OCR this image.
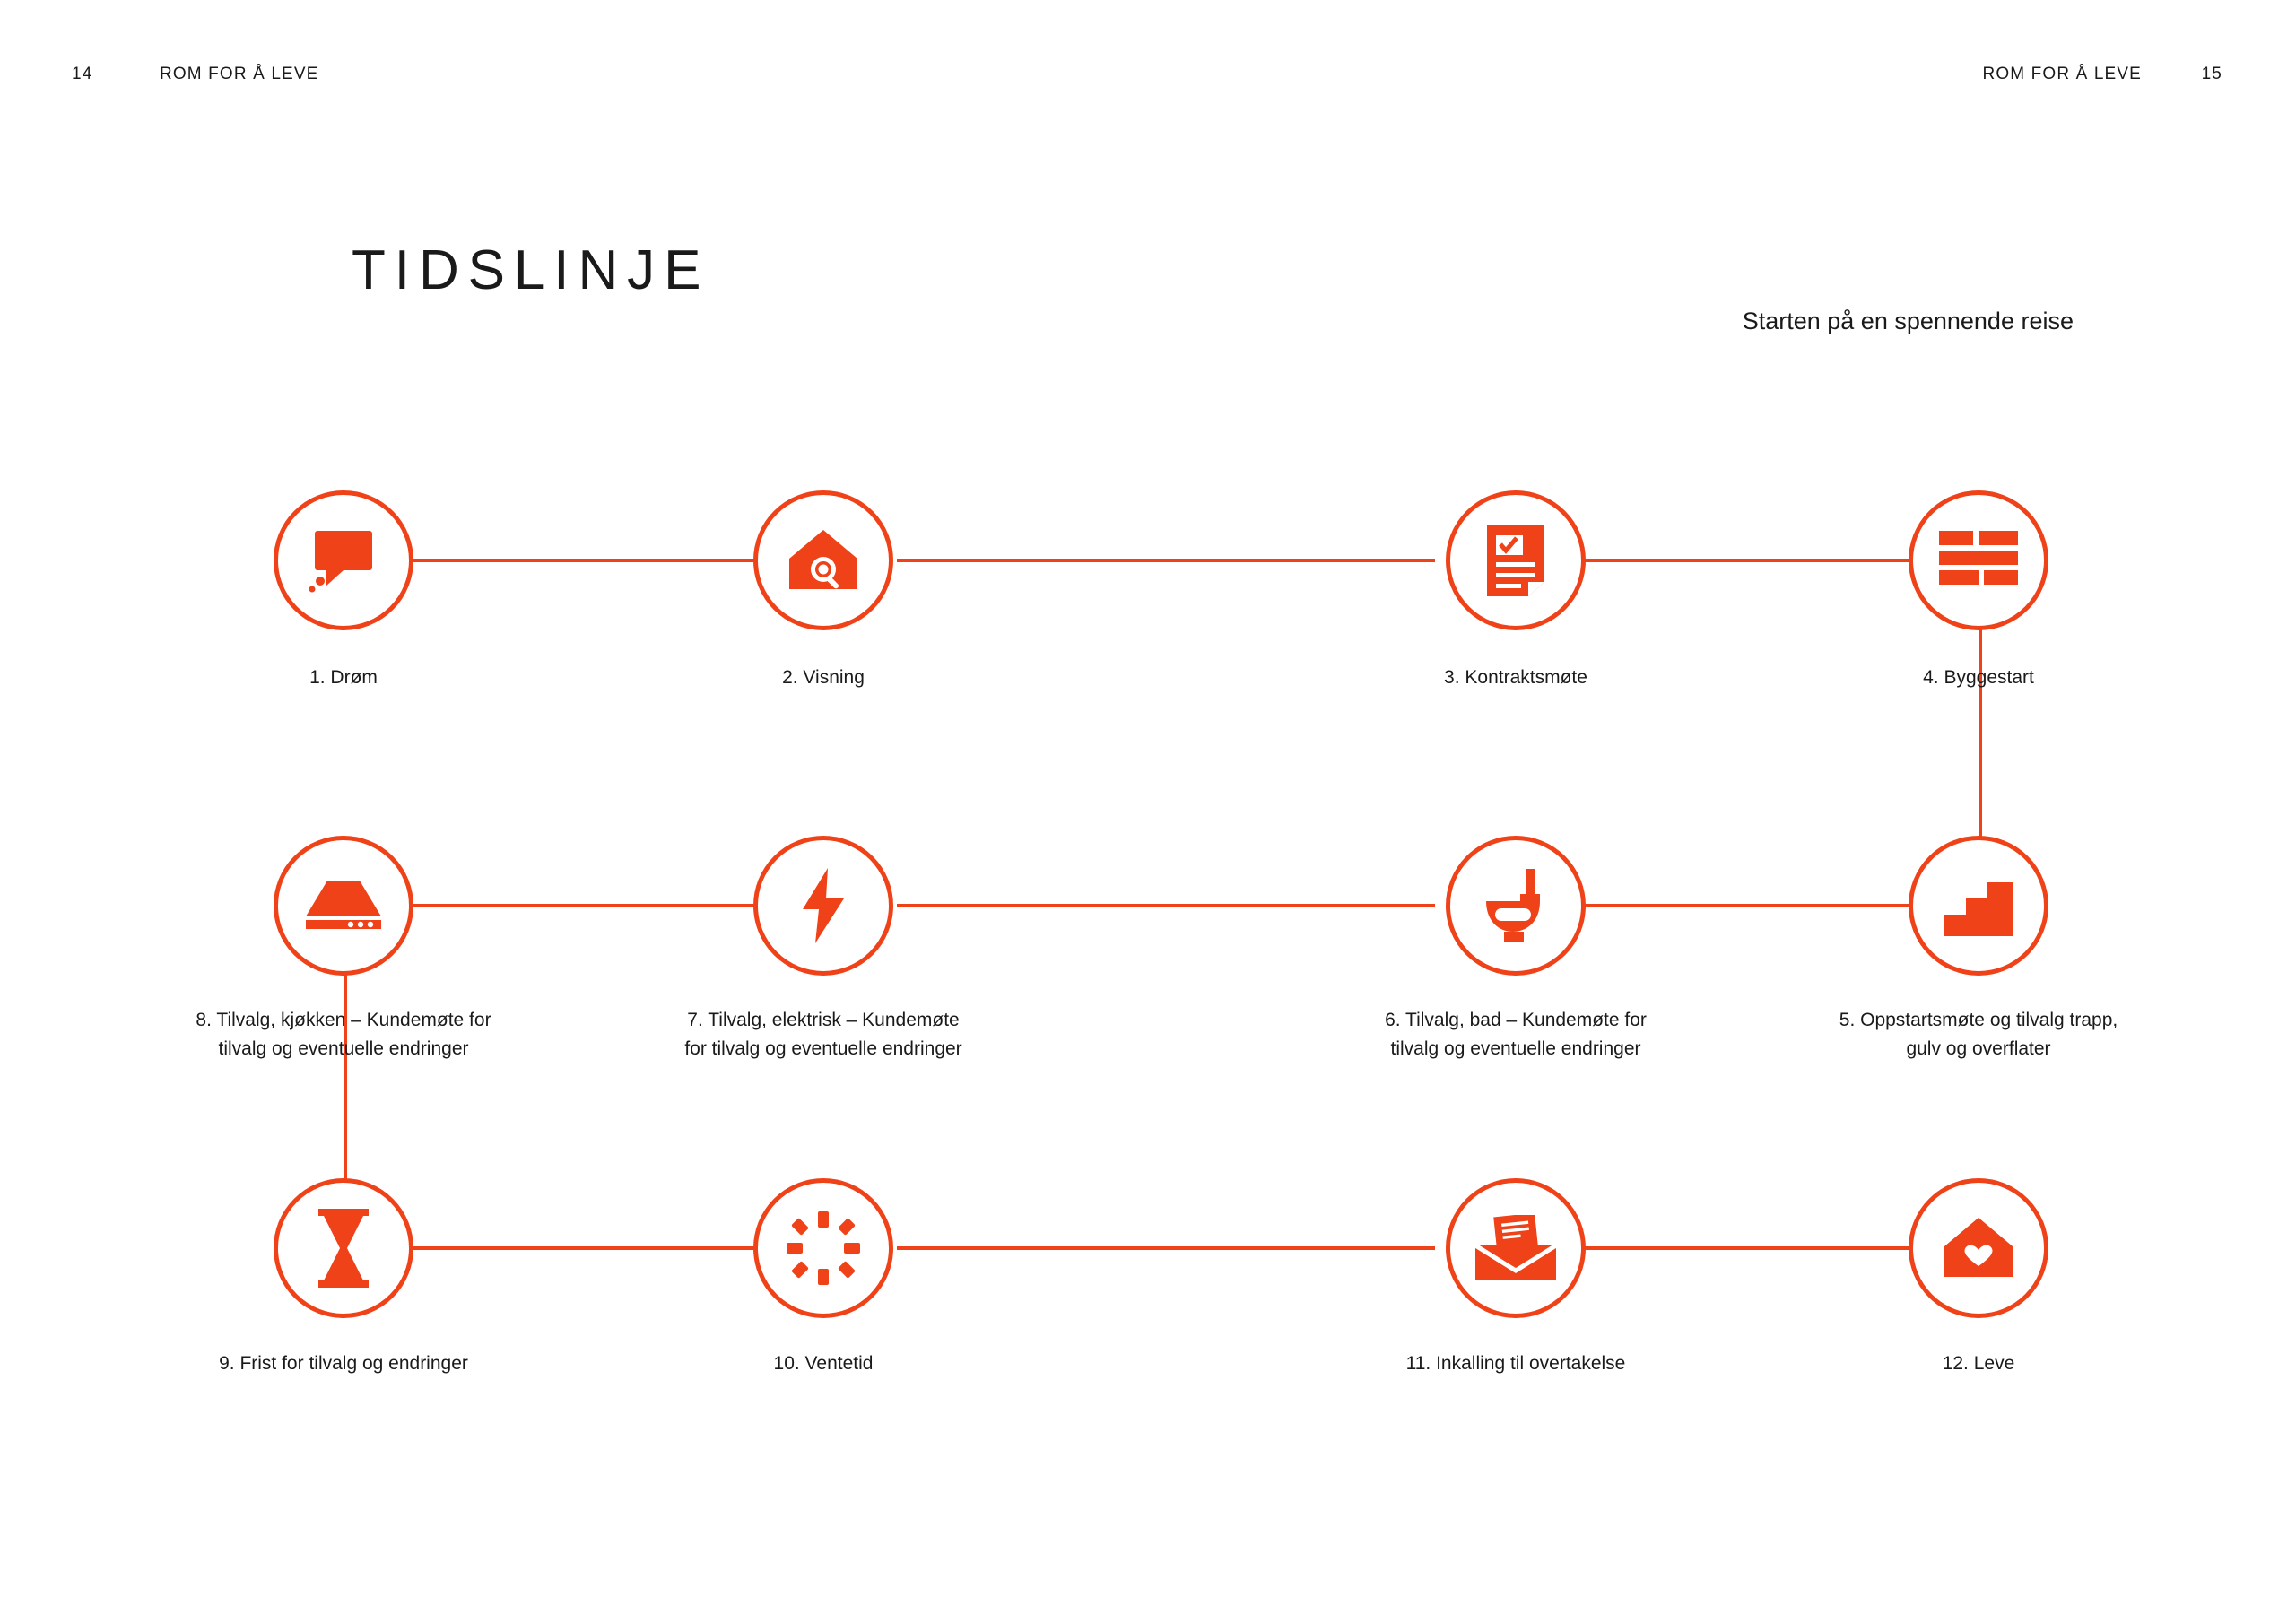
14	ROM FOR Å LEVE	ROM FOR Å LEVE	15
TIDSLINJE
Starten på en spennende reise
1. Drøm	2. Visning	3. Kontraktsmøte	4. Byggestart
8. Tilvalg, kjøkken – Kundemøte for tilvalg og eventuelle endringer
7. Tilvalg, elektrisk – Kundemøte for tilvalg og eventuelle endringer
6. Tilvalg, bad – Kundemøte for tilvalg og eventuelle endringer
5. Oppstartsmøte og tilvalg trapp, gulv og overflater
9. Frist for tilvalg og endringer	10. Ventetid	11. Inkalling til overtakelse	12. Leve
